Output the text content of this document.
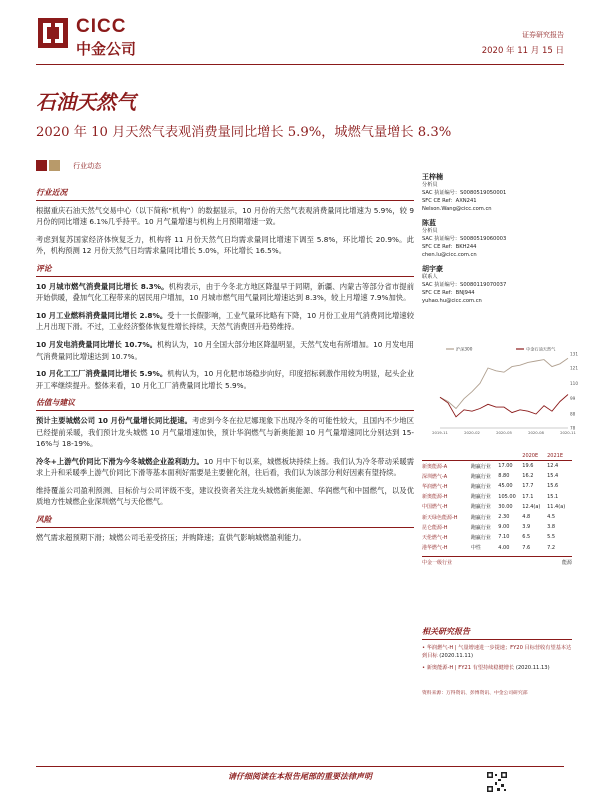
CICC
中金公司
证券研究报告
2020 年 11 月 15 日
石油天然气
2020 年 10 月天然气表观消费量同比增长 5.9%，城燃气量增长 8.3%
行业动态
行业近况

根据重庆石油天然气交易中心（以下简称“机构”）的数据显示，10 月份的天然气表观消费量同比增速为 5.9%，较 9 月份的同比增速 6.1%几乎持平。10 月气量增速与机构上月预期增速一致。

考虑到复苏国家经济体恢复乏力，机构将 11 月份天然气日均需求量同比增速下调至 5.8%，环比增长 20.9%。此外，机构预测 12 月份天然气日均需求量同比增长 5.0%，环比增长 16.5%。

评论

10 月城市燃气消费量同比增长 8.3%。机构表示，由于今冬北方地区降温早于同期，新疆、内蒙古等部分省市提前开始供暖，叠加气化工程带来的居民用户增加，10 月城市燃气用气量同比增速达到 8.3%，较上月增速 7.9%加快。

10 月工业燃料消费量同比增长 2.8%。受十一长假影响，工业气量环比略有下降，10 月份工业用气消费同比增速较上月出现下滑。不过，工业经济整体恢复性增长持续，天然气消费回升趋势维持。

10 月发电消费量同比增长 10.7%。机构认为，10 月全国大部分地区降温明显，天然气发电有所增加。10 月发电用气消费量同比增速达到 10.7%。

10 月化工工厂消费量同比增长 5.9%。机构认为，10 月化肥市场稳步向好，印度招标刺激作用较为明显，起头企业开工率继续提升。整体来看，10 月化工厂消费量同比增长 5.9%。

估值与建议

预计主要城燃公司 10 月份气量增长同比提速。考虑到今冬在拉尼娜现象下出现冷冬的可能性较大，且国内不少地区已经提前采暖，我们预计龙头城燃 10 月气量增速加快，预计华润燃气与新奥能源 10 月气量增速同比分别达到 15-16%与 18-19%。

冷冬+上游气价同比下滑为今冬城燃企业盈利助力。10 月中下旬以来，城燃板块持续上扬。我们认为冷冬带动采暖需求上升和采暖季上游气价同比下滑等基本面利好需要是主要催化剂，往后看，我们认为该部分利好因素有望持续。

维持覆盖公司盈利预测、目标价与公司评级不变，建议投资者关注龙头城燃新奥能源、华润燃气和中国燃气，以及优质地方性城燃企业深圳燃气与天伦燃气。

风险

燃气需求超预期下滑；城燃公司毛差受挤压；并购降速；直供气影响城燃盈利能力。

王梓楠
分析员
SAC 执证编号：S0080519050001
SFC CE Ref：AXN241
Nelson.Wang@cicc.com.cn
陈蓝
分析员
SAC 执证编号：S0080519060003
SFC CE Ref：BKH244
chen.lu@cicc.com.cn
胡宇豪
联系人
SAC 执证编号：S0080119070037
SFC CE Ref：BNJ944
yuhao.hu@cicc.com.cn
78
88
99
110
121
131
2019-11	2020-02	2020-05	2020-08	2020-11
沪深300	中金石油天然气
			2020E	2021E
新奥能源-A	跑赢行业	17.00	19.6	12.4
深圳燃气-A	跑赢行业	8.80	16.2	15.4
华润燃气-H	跑赢行业	45.00	17.7	15.6
新奥能源-H	跑赢行业	105.00	17.1	15.1
中国燃气-H	跑赢行业	30.00	12.4(a)	11.4(a)
新天绿色能源-H	跑赢行业	2.30	4.8	4.5
昆仑能源-H	跑赢行业	9.00	3.9	3.8
天伦燃气-H	跑赢行业	7.10	6.5	5.5
港华燃气-H	中性	4.00	7.6	7.2
中金一级行业	能源
相关研究报告
• 华润燃气-H | 气量增速进一步提速；FY20 目标营收有望基本达到目标 (2020.11.11)
• 新奥能源-H | FY21 有望持续稳健增长 (2020.11.13)
资料来源：万得资讯、彭博资讯、中金公司研究部
请仔细阅读在本报告尾部的重要法律声明
